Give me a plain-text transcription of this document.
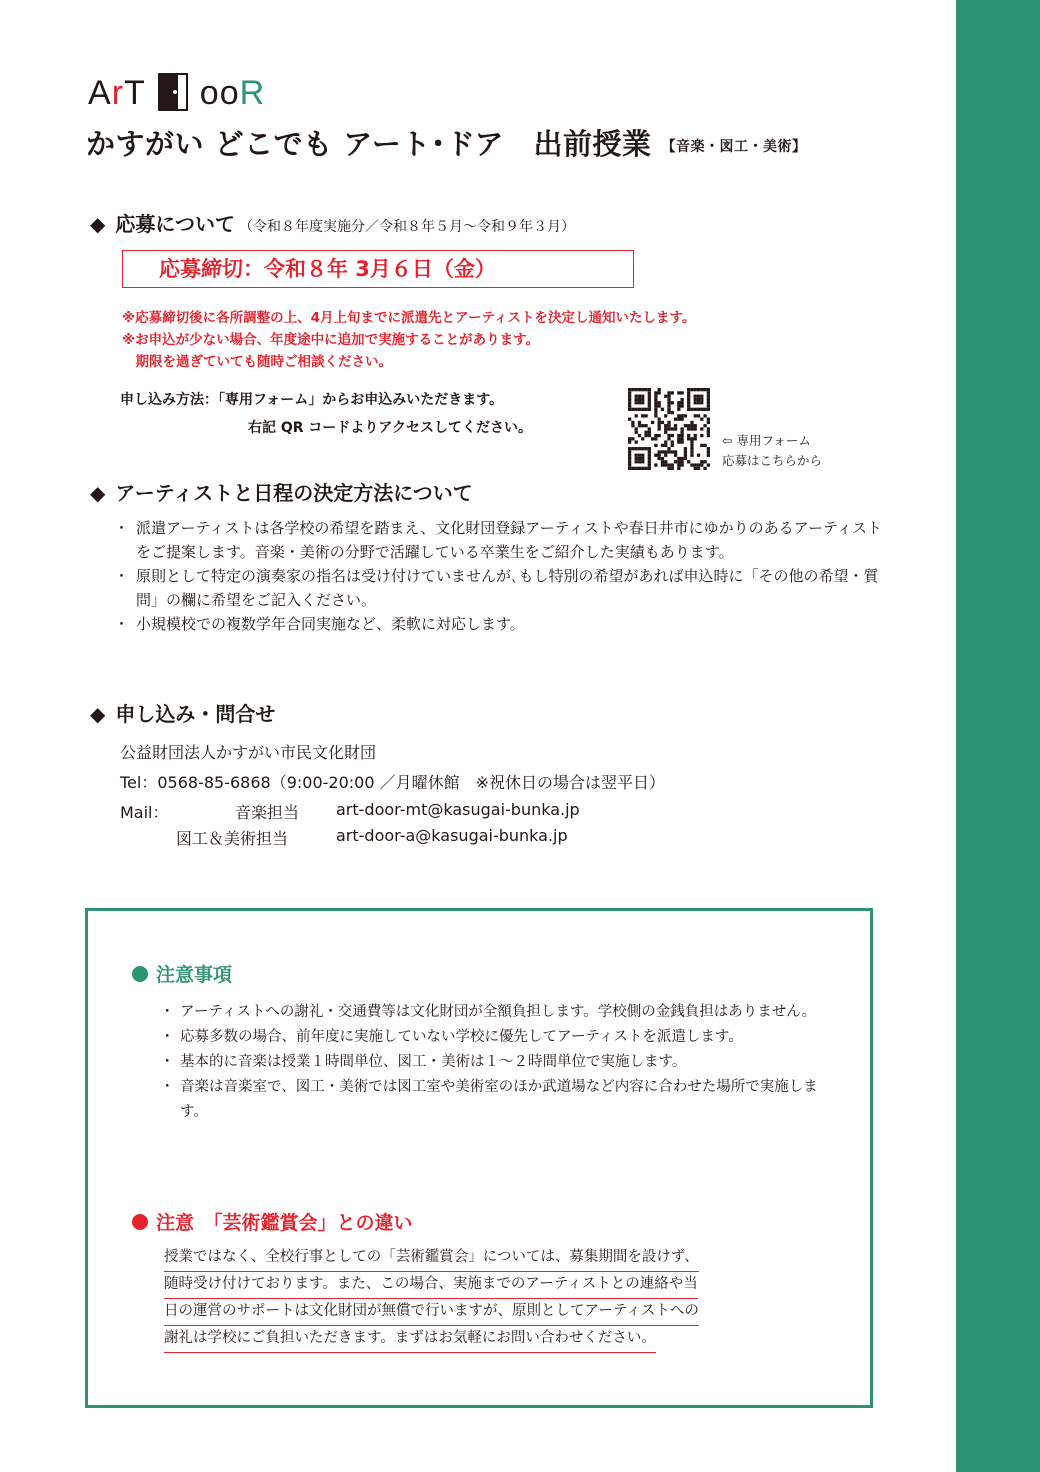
ArT ooR
かすがい どこでも アート･ドア　出前授業 【音楽・図工・美術】
◆ 応募について （令和８年度実施分／令和８年５月～令和９年３月）
応募締切：令和８年 3月６日（金）
※応募締切後に各所調整の上、4月上旬までに派遣先とアーティストを決定し通知いたします。
※お申込が少ない場合、年度途中に追加で実施することがあります。
　期限を過ぎていても随時ご相談ください。
申し込み方法：「専用フォーム」からお申込みいただきます。
右記 QR コードよりアクセスしてください。
⇦ 専用フォーム
応募はこちらから
◆ アーティストと日程の決定方法について
・ 派遣アーティストは各学校の希望を踏まえ、文化財団登録アーティストや春日井市にゆかりのあるアーティストをご提案します。音楽・美術の分野で活躍している卒業生をご紹介した実績もあります。
・ 原則として特定の演奏家の指名は受け付けていませんが､もし特別の希望があれば申込時に「その他の希望・質問」の欄に希望をご記入ください。
・ 小規模校での複数学年合同実施など、柔軟に対応します。
◆ 申し込み・問合せ
公益財団法人かすがい市民文化財団
Tel：0568-85-6868（9:00-20:00 ／月曜休館　※祝休日の場合は翌平日）
Mail：	音楽担当 art-door-mt@kasugai-bunka.jp
図工＆美術担当	art-door-a@kasugai-bunka.jp
注意事項
・ アーティストへの謝礼・交通費等は文化財団が全額負担します。学校側の金銭負担はありません。
・ 応募多数の場合、前年度に実施していない学校に優先してアーティストを派遣します。
・ 基本的に音楽は授業１時間単位、図工・美術は１～２時間単位で実施します。
・ 音楽は音楽室で、図工・美術では図工室や美術室のほか武道場など内容に合わせた場所で実施します。
注意　「芸術鑑賞会」との違い
授業ではなく、全校行事としての「芸術鑑賞会」については、募集期間を設けず、
随時受け付けております。また、この場合、実施までのアーティストとの連絡や当
日の運営のサポートは文化財団が無償で行いますが、原則としてアーティストへの
謝礼は学校にご負担いただきます。まずはお気軽にお問い合わせください。
